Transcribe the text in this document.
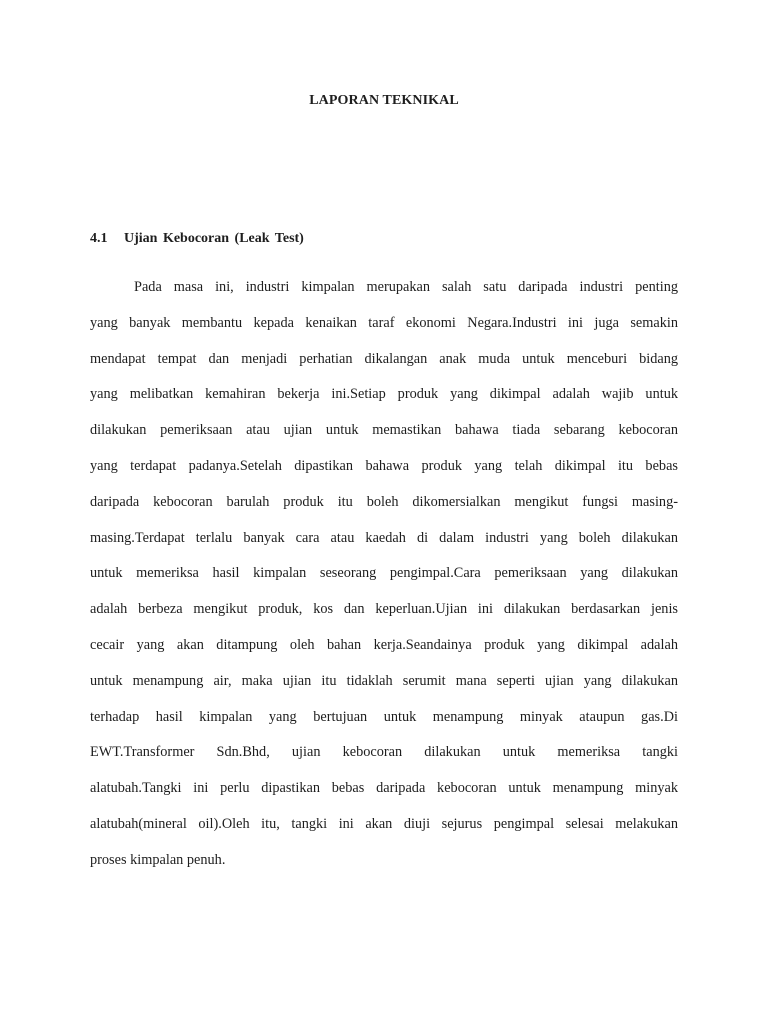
LAPORAN TEKNIKAL
4.1 Ujian Kebocoran (Leak Test)
Pada masa ini, industri kimpalan merupakan salah satu daripada industri penting
yang banyak membantu kepada kenaikan taraf ekonomi Negara.Industri ini juga semakin
mendapat tempat dan menjadi perhatian dikalangan anak muda untuk menceburi bidang
yang melibatkan kemahiran bekerja ini.Setiap produk yang dikimpal adalah wajib untuk
dilakukan pemeriksaan atau ujian untuk memastikan bahawa tiada sebarang kebocoran
yang terdapat padanya.Setelah dipastikan bahawa produk yang telah dikimpal itu bebas
daripada kebocoran barulah produk itu boleh dikomersialkan mengikut fungsi masing-
masing.Terdapat terlalu banyak cara atau kaedah di dalam industri yang boleh dilakukan
untuk memeriksa hasil kimpalan seseorang pengimpal.Cara pemeriksaan yang dilakukan
adalah berbeza mengikut produk, kos dan keperluan.Ujian ini dilakukan berdasarkan jenis
cecair yang akan ditampung oleh bahan kerja.Seandainya produk yang dikimpal adalah
untuk menampung air, maka ujian itu tidaklah serumit mana seperti ujian yang dilakukan
terhadap hasil kimpalan yang bertujuan untuk menampung minyak ataupun gas.Di
EWT.Transformer Sdn.Bhd, ujian kebocoran dilakukan untuk memeriksa tangki
alatubah.Tangki ini perlu dipastikan bebas daripada kebocoran untuk menampung minyak
alatubah(mineral oil).Oleh itu, tangki ini akan diuji sejurus pengimpal selesai melakukan
proses kimpalan penuh.
